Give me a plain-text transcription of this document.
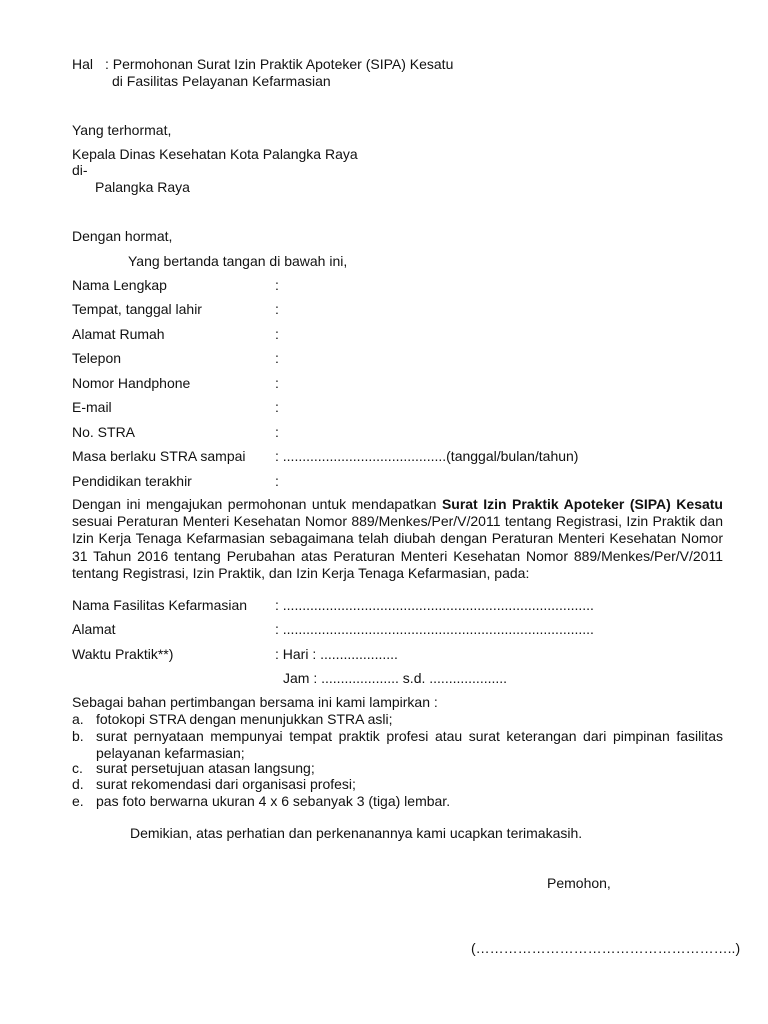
Hal : Permohonan Surat Izin Praktik Apoteker (SIPA) Kesatu
di Fasilitas Pelayanan Kefarmasian
Yang terhormat,
Kepala Dinas Kesehatan Kota Palangka Raya
di-
Palangka Raya
Dengan hormat,
Yang bertanda tangan di bawah ini,
Nama Lengkap	:
Tempat, tanggal lahir	:
Alamat Rumah	:
Telepon	:
Nomor Handphone	:
E-mail	:
No. STRA	:
Masa berlaku STRA sampai : ..........................................(tanggal/bulan/tahun)
Pendidikan terakhir	:
Dengan ini mengajukan permohonan untuk mendapatkan Surat Izin Praktik Apoteker (SIPA) Kesatu sesuai Peraturan Menteri Kesehatan Nomor 889/Menkes/Per/V/2011 tentang Registrasi, Izin Praktik dan Izin Kerja Tenaga Kefarmasian sebagaimana telah diubah dengan Peraturan Menteri Kesehatan Nomor 31 Tahun 2016 tentang Perubahan atas Peraturan Menteri Kesehatan Nomor 889/Menkes/Per/V/2011 tentang Registrasi, Izin Praktik, dan Izin Kerja Tenaga Kefarmasian, pada:
Nama Fasilitas Kefarmasian : ................................................................................
Alamat	: ................................................................................
Waktu Praktik**)	: Hari : ....................
Jam : .................... s.d. ....................
Sebagai bahan pertimbangan bersama ini kami lampirkan :
a. fotokopi STRA dengan menunjukkan STRA asli;
b. surat pernyataan mempunyai tempat praktik profesi atau surat keterangan dari pimpinan fasilitas pelayanan kefarmasian;
c. surat persetujuan atasan langsung;
d. surat rekomendasi dari organisasi profesi;
e. pas foto berwarna ukuran 4 x 6 sebanyak 3 (tiga) lembar.
Demikian, atas perhatian dan perkenanannya kami ucapkan terimakasih.
Pemohon,
(………………………………………………..)
